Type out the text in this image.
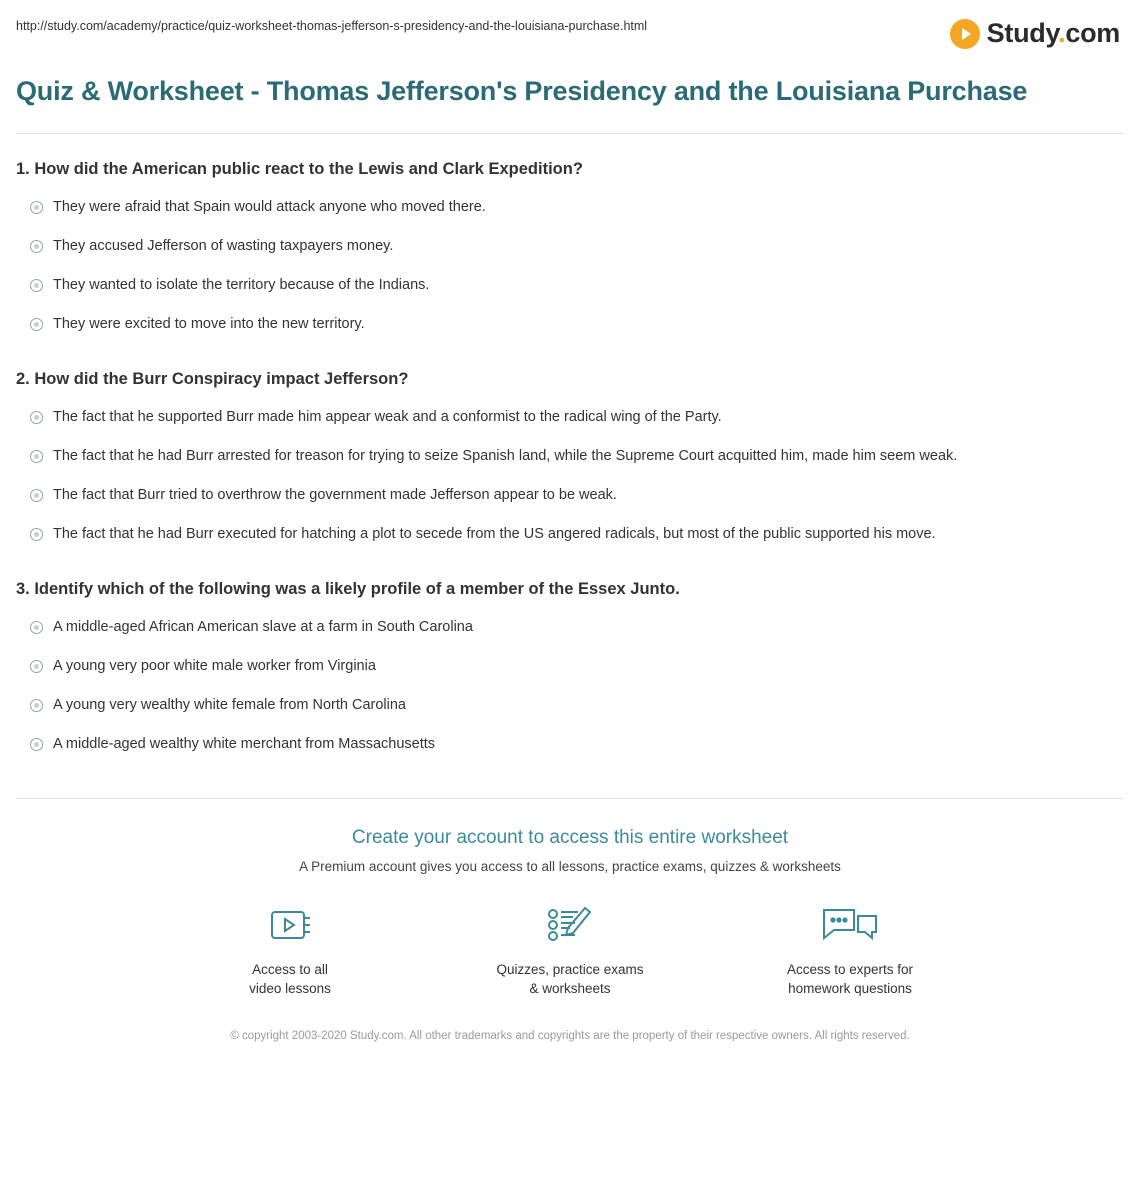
http://study.com/academy/practice/quiz-worksheet-thomas-jefferson-s-presidency-and-the-louisiana-purchase.html	Study.com
Quiz & Worksheet - Thomas Jefferson's Presidency and the Louisiana Purchase

1. How did the American public react to the Lewis and Clark Expedition?

They were afraid that Spain would attack anyone who moved there.
They accused Jefferson of wasting taxpayers money.
They wanted to isolate the territory because of the Indians.
They were excited to move into the new territory.

2. How did the Burr Conspiracy impact Jefferson?

The fact that he supported Burr made him appear weak and a conformist to the radical wing of the Party.
The fact that he had Burr arrested for treason for trying to seize Spanish land, while the Supreme Court acquitted him, made him seem weak.
The fact that Burr tried to overthrow the government made Jefferson appear to be weak.
The fact that he had Burr executed for hatching a plot to secede from the US angered radicals, but most of the public supported his move.

3. Identify which of the following was a likely profile of a member of the Essex Junto.

A middle-aged African American slave at a farm in South Carolina
A young very poor white male worker from Virginia
A young very wealthy white female from North Carolina
A middle-aged wealthy white merchant from Massachusetts
Create your account to access this entire worksheet
A Premium account gives you access to all lessons, practice exams, quizzes & worksheets
Access to all
video lessons
Quizzes, practice exams
& worksheets
Access to experts for
homework questions
© copyright 2003-2020 Study.com. All other trademarks and copyrights are the property of their respective owners. All rights reserved.
